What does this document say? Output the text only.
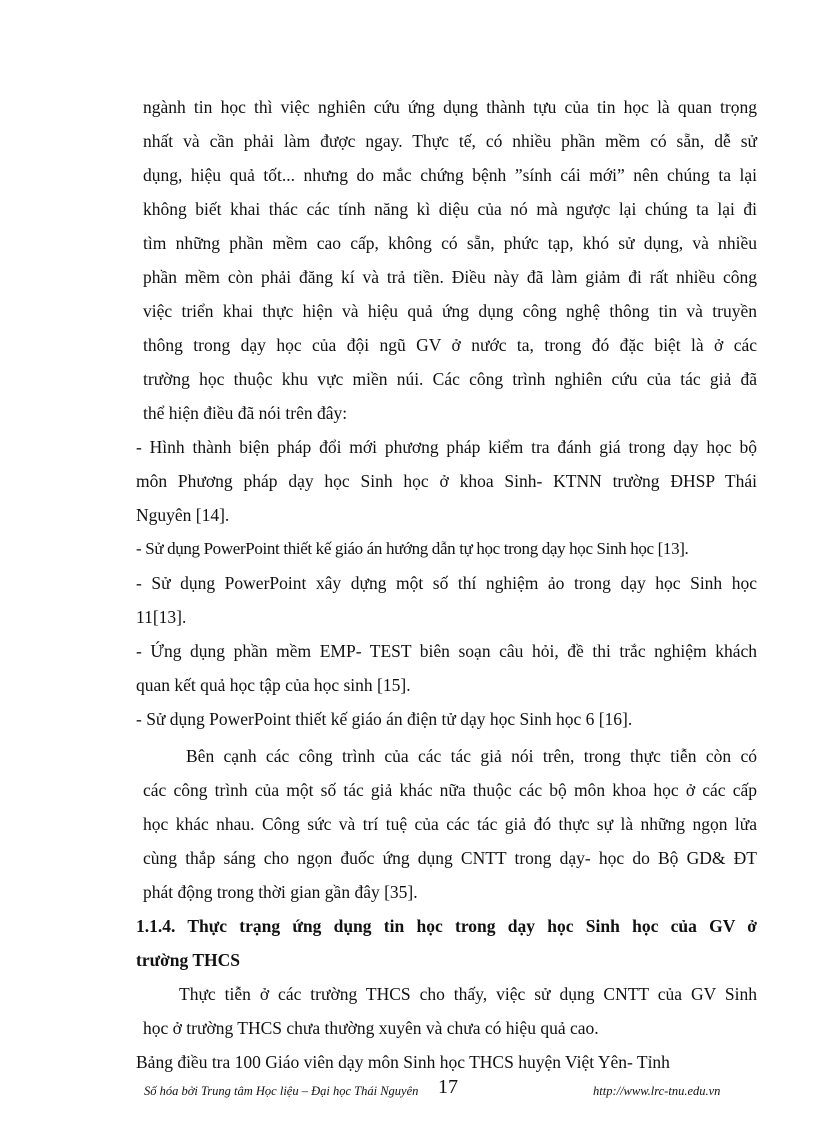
ngành tin học thì việc nghiên cứu ứng dụng thành tựu của tin học là quan trọng
nhất và cần phải làm được ngay. Thực tế, có nhiều phần mềm có sẵn, dễ sử
dụng, hiệu quả tốt... nhưng do mắc chứng bệnh ”sính cái mới” nên chúng ta lại
không biết khai thác các tính năng kì diệu của nó mà ngược lại chúng ta lại đi
tìm những phần mềm cao cấp, không có sẵn, phức tạp, khó sử dụng, và nhiều
phần mềm còn phải đăng kí và trả tiền. Điều này đã làm giảm đi rất nhiều công
việc triển khai thực hiện và hiệu quả ứng dụng công nghệ thông tin và truyền
thông trong dạy học của đội ngũ GV ở nước ta, trong đó đặc biệt là ở các
trường học thuộc khu vực miền núi. Các công trình nghiên cứu của tác giả đã
thể hiện điều đã nói trên đây:
- Hình thành biện pháp đổi mới phương pháp kiểm tra đánh giá trong dạy học bộ
môn Phương pháp dạy học Sinh học ở khoa Sinh- KTNN trường ĐHSP Thái
Nguyên [14].
- Sử dụng PowerPoint thiết kế giáo án hướng dẫn tự học trong dạy học Sinh học [13].
- Sử dụng PowerPoint xây dựng một số thí nghiệm ảo trong dạy học Sinh học
11[13].
- Ứng dụng phần mềm EMP- TEST biên soạn câu hỏi, đề thi trắc nghiệm khách
quan kết quả học tập của học sinh [15].
- Sử dụng PowerPoint thiết kế giáo án điện tử dạy học Sinh học 6 [16].
Bên cạnh các công trình của các tác giả nói trên, trong thực tiễn còn có
các công trình của một số tác giả khác nữa thuộc các bộ môn khoa học ở các cấp
học khác nhau. Công sức và trí tuệ của các tác giả đó thực sự là những ngọn lửa
cùng thắp sáng cho ngọn đuốc ứng dụng CNTT trong dạy- học do Bộ GD& ĐT
phát động trong thời gian gần đây [35].
1.1.4. Thực trạng ứng dụng tin học trong dạy học Sinh học của GV ở
trường THCS
Thực tiễn ở các trường THCS cho thấy, việc sử dụng CNTT của GV Sinh
học ở trường THCS chưa thường xuyên và chưa có hiệu quả cao.
Bảng điều tra 100 Giáo viên dạy môn Sinh học THCS huyện Việt Yên- Tỉnh
Số hóa bởi Trung tâm Học liệu – Đại học Thái Nguyên 17	http://www.lrc-tnu.edu.vn
